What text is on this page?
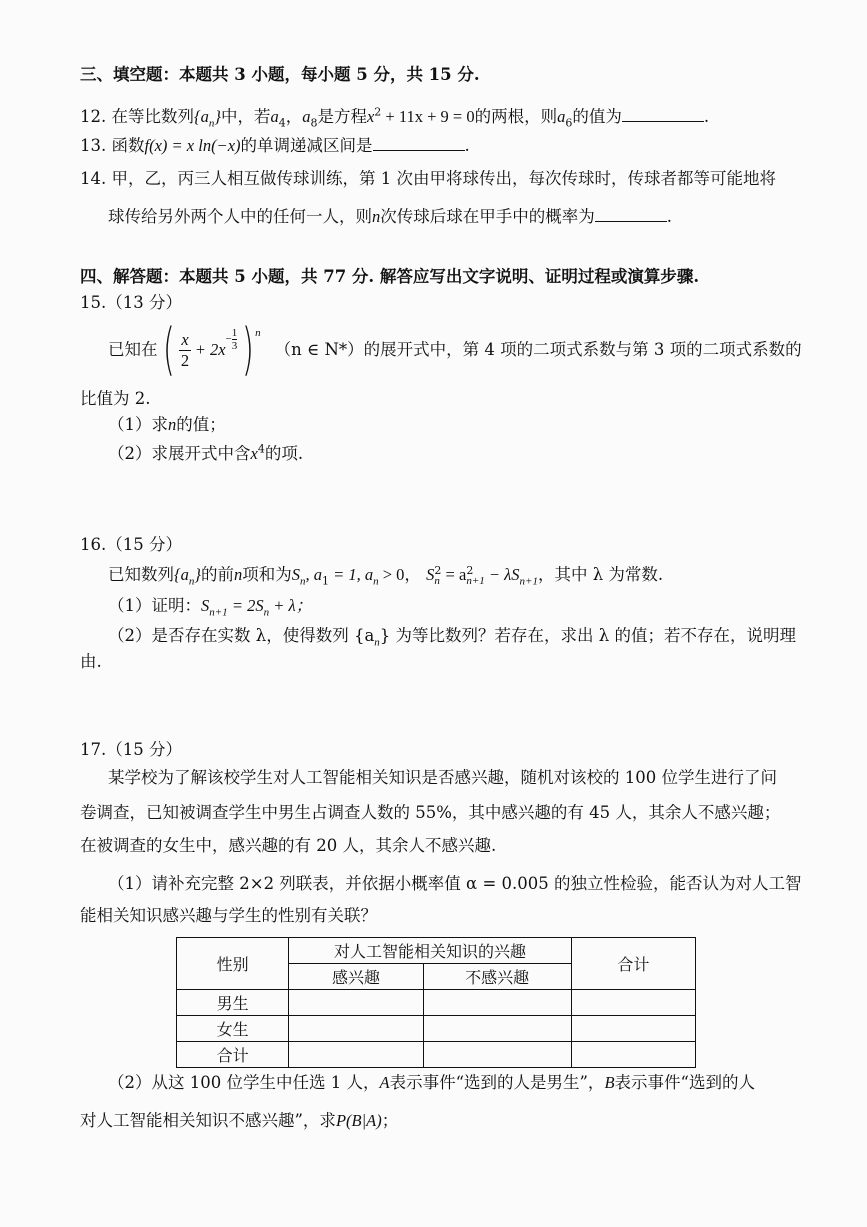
三、填空题：本题共 3 小题，每小题 5 分，共 15 分.
12. 在等比数列$\{a_n\}$中，若$a_4$，$a_8$是方程$x^2 + 11x + 9 = 0$的两根，则$a_6$的值为	.
13. 函数f(x) = x ln(−x)的单调递减区间是	.
14. 甲，乙，丙三人相互做传球训练，第 1 次由甲将球传出，每次传球时，传球者都等可能地将
球传给另外两个人中的任何一人，则n次传球后球在甲手中的概率为	.
四、解答题：本题共 5 小题，共 77 分. 解答应写出文字说明、证明过程或演算步骤.
15.（13 分）
已知在 ( $\frac{x}{2} + 2x$
− $\frac{1}{3}$ ) n
（n ∈ N*） 的展开式中，第 4 项的二项式系数与第 3 项的二项式系数的
比值为 2.
（1）求n的值；
（2）求展开式中含$x^4$的项.
16.（15 分）
已知数列$\{a_n\}$的前n项和为$S_n$, $a_1 = 1$, $a_n > 0$， S 2
n = a 2
$n+1 - \lambda S_{n+1}$，其中 λ 为常数.
（1）证明：$S_{n+1} = 2S_n + \lambda$；
（2）是否存在实数 λ，使得数列 $\{a_n\}$ 为等比数列？若存在，求出 λ 的值；若不存在，说明理
由.
17.（15 分）
某学校为了解该校学生对人工智能相关知识是否感兴趣，随机对该校的 100 位学生进行了问
卷调查，已知被调查学生中男生占调查人数的 55%，其中感兴趣的有 45 人，其余人不感兴趣；
在被调查的女生中，感兴趣的有 20 人，其余人不感兴趣.
（1）请补充完整 2×2 列联表，并依据小概率值 α = 0.005 的独立性检验，能否认为对人工智
能相关知识感兴趣与学生的性别有关联？
性别	对人工智能相关知识的兴趣		合计
	感兴趣	不感兴趣	
男生			
女生			
合计			
（2）从这 100 位学生中任选 1 人，A表示事件“选到的人是男生”，B表示事件“选到的人
对人工智能相关知识不感兴趣”，求P(B|A)；
